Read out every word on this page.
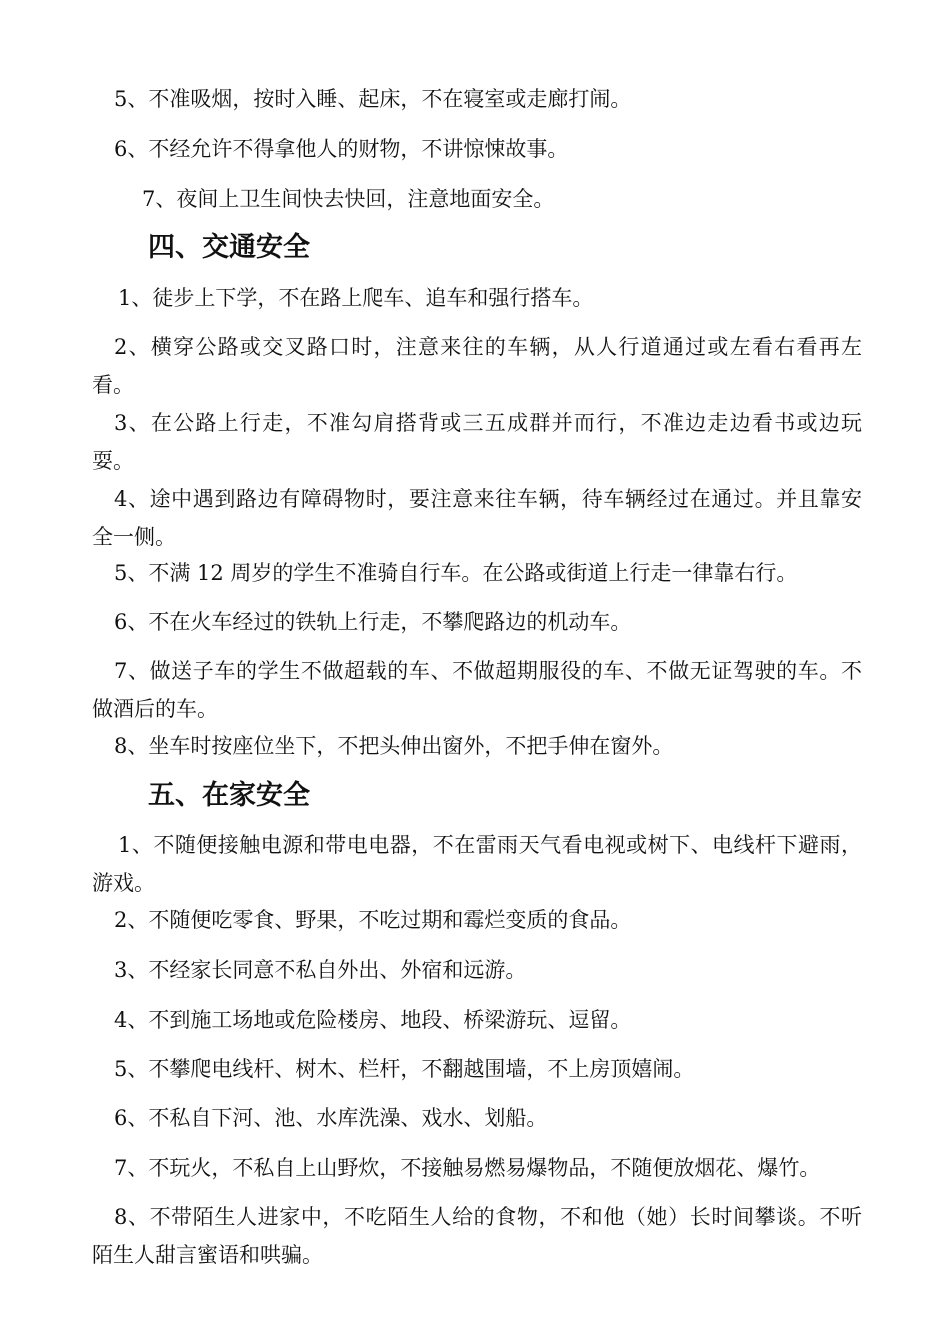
5、不准吸烟，按时入睡、起床，不在寝室或走廊打闹。
6、不经允许不得拿他人的财物，不讲惊悚故事。
7、夜间上卫生间快去快回，注意地面安全。
四、交通安全
1、徒步上下学，不在路上爬车、追车和强行搭车。
2、横穿公路或交叉路口时，注意来往的车辆，从人行道通过或左看右看再左看。
3、在公路上行走，不准勾肩搭背或三五成群并而行，不准边走边看书或边玩耍。
4、途中遇到路边有障碍物时，要注意来往车辆，待车辆经过在通过。并且靠安全一侧。
5、不满 12 周岁的学生不准骑自行车。在公路或街道上行走一律靠右行。
6、不在火车经过的铁轨上行走，不攀爬路边的机动车。
7、做送子车的学生不做超载的车、不做超期服役的车、不做无证驾驶的车。不做酒后的车。
8、坐车时按座位坐下，不把头伸出窗外，不把手伸在窗外。
五、在家安全
1、不随便接触电源和带电电器，不在雷雨天气看电视或树下、电线杆下避雨，游戏。
2、不随便吃零食、野果，不吃过期和霉烂变质的食品。
3、不经家长同意不私自外出、外宿和远游。
4、不到施工场地或危险楼房、地段、桥梁游玩、逗留。
5、不攀爬电线杆、树木、栏杆，不翻越围墙，不上房顶嬉闹。
6、不私自下河、池、水库洗澡、戏水、划船。
7、不玩火，不私自上山野炊，不接触易燃易爆物品，不随便放烟花、爆竹。
8、不带陌生人进家中，不吃陌生人给的食物，不和他（她）长时间攀谈。不听陌生人甜言蜜语和哄骗。
